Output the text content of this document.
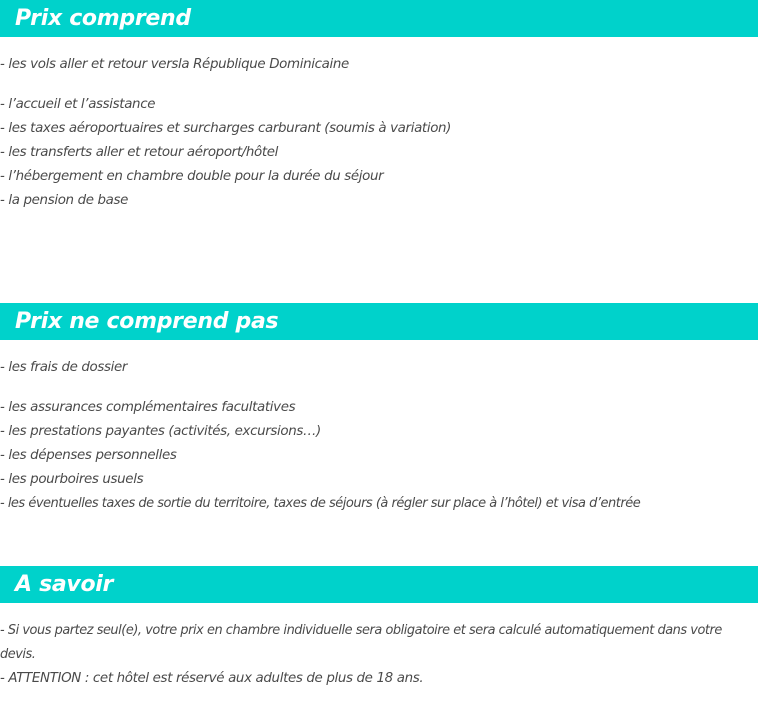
Prix comprend
- les vols aller et retour versla République Dominicaine
- l’accueil et l’assistance
- les taxes aéroportuaires et surcharges carburant (soumis à variation)
- les transferts aller et retour aéroport/hôtel
- l’hébergement en chambre double pour la durée du séjour
- la pension de base
Prix ne comprend pas
- les frais de dossier
- les assurances complémentaires facultatives
- les prestations payantes (activités, excursions…)
- les dépenses personnelles
- les pourboires usuels
- les éventuelles taxes de sortie du territoire, taxes de séjours (à régler sur place à l’hôtel) et visa d’entrée
A savoir
- Si vous partez seul(e), votre prix en chambre individuelle sera obligatoire et sera calculé automatiquement dans votre devis.
- ATTENTION : cet hôtel est réservé aux adultes de plus de 18 ans.
